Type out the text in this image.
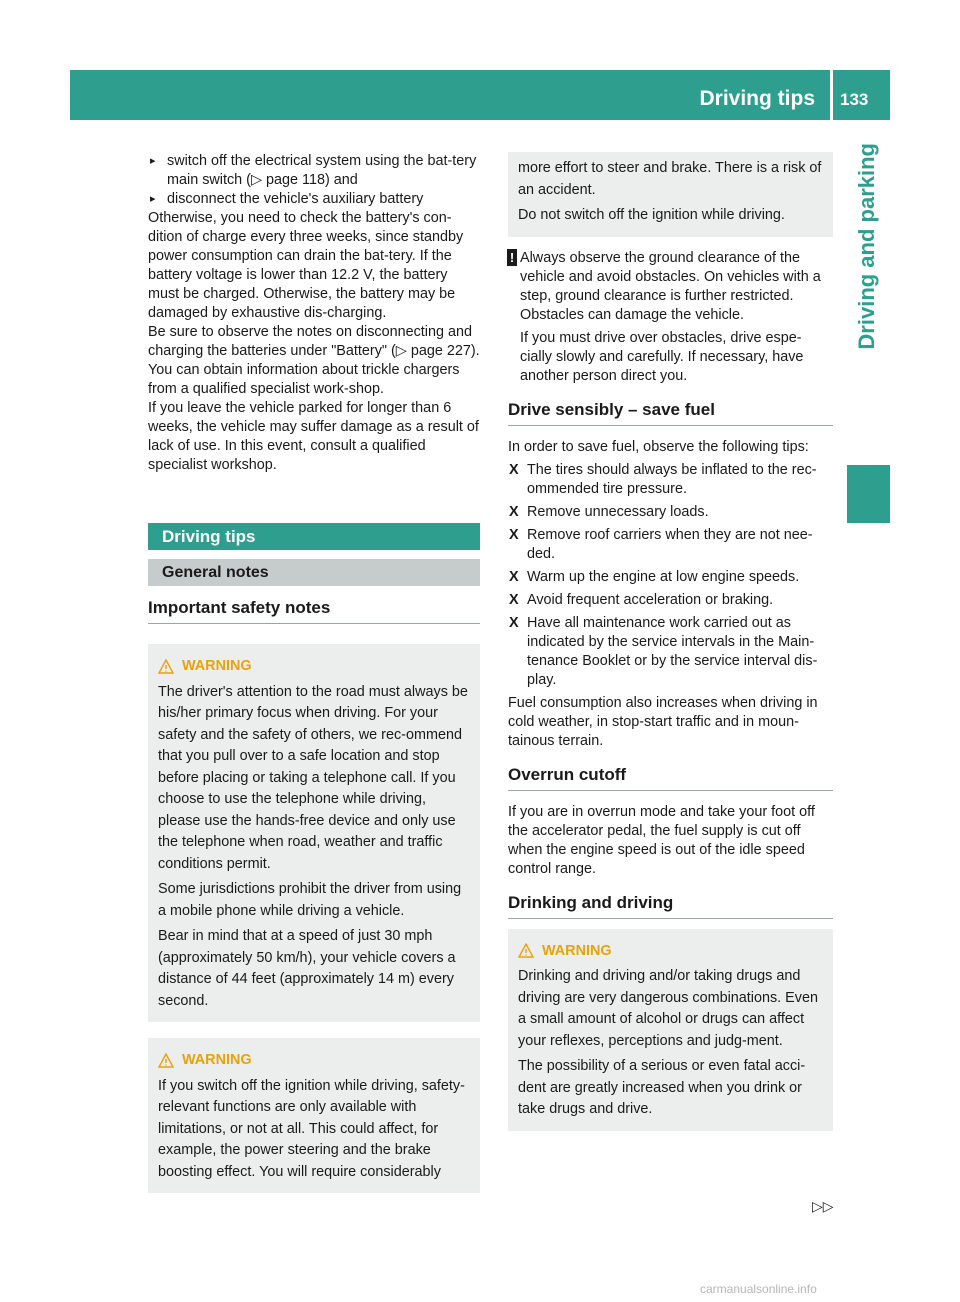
Driving tips	133
Driving and parking

▸ switch off the electrical system using the bat-tery main switch (▷ page 118) and

▸ disconnect the vehicle's auxiliary battery

Otherwise, you need to check the battery's con-dition of charge every three weeks, since standby power consumption can drain the bat-tery. If the battery voltage is lower than 12.2 V, the battery must be charged. Otherwise, the battery may be damaged by exhaustive dis-charging.

Be sure to observe the notes on disconnecting and charging the batteries under "Battery" (▷ page 227). You can obtain information about trickle chargers from a qualified specialist work-shop.

If you leave the vehicle parked for longer than 6 weeks, the vehicle may suffer damage as a result of lack of use. In this event, consult a qualified specialist workshop.

Driving tips
General notes
Important safety notes
WARNING

The driver's attention to the road must always be his/her primary focus when driving. For your safety and the safety of others, we rec-ommend that you pull over to a safe location and stop before placing or taking a telephone call. If you choose to use the telephone while driving, please use the hands-free device and only use the telephone when road, weather and traffic conditions permit.

Some jurisdictions prohibit the driver from using a mobile phone while driving a vehicle.

Bear in mind that at a speed of just 30 mph (approximately 50 km/h), your vehicle covers a distance of 44 feet (approximately 14 m) every second.

WARNING

If you switch off the ignition while driving, safety-relevant functions are only available with limitations, or not at all. This could affect, for example, the power steering and the brake boosting effect. You will require considerably

more effort to steer and brake. There is a risk of an accident.

Do not switch off the ignition while driving.

! Always observe the ground clearance of the vehicle and avoid obstacles. On vehicles with a step, ground clearance is further restricted. Obstacles can damage the vehicle.

If you must drive over obstacles, drive espe-cially slowly and carefully. If necessary, have another person direct you.

Drive sensibly – save fuel

In order to save fuel, observe the following tips:

X The tires should always be inflated to the rec-ommended tire pressure.
X Remove unnecessary loads.
X Remove roof carriers when they are not nee-ded.
X Warm up the engine at low engine speeds.
X Avoid frequent acceleration or braking.
X Have all maintenance work carried out as indicated by the service intervals in the Main-tenance Booklet or by the service interval dis-play.

Fuel consumption also increases when driving in cold weather, in stop-start traffic and in moun-tainous terrain.

Overrun cutoff

If you are in overrun mode and take your foot off the accelerator pedal, the fuel supply is cut off when the engine speed is out of the idle speed control range.

Drinking and driving
WARNING

Drinking and driving and/or taking drugs and driving are very dangerous combinations. Even a small amount of alcohol or drugs can affect your reflexes, perceptions and judg-ment.

The possibility of a serious or even fatal acci-dent are greatly increased when you drink or take drugs and drive.

▷▷
carmanualsonline.info
